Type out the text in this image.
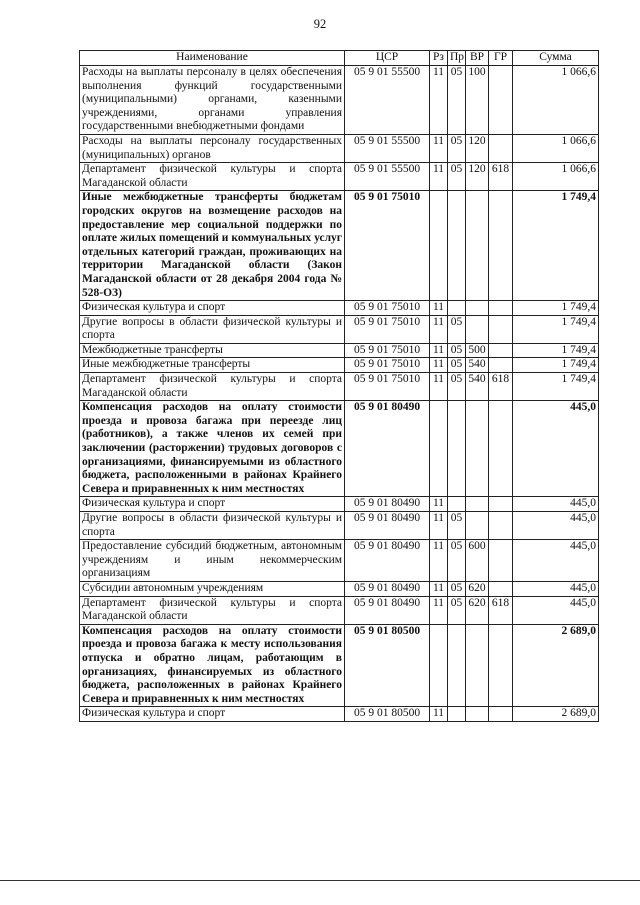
92
Наименование	ЦСР	Рз	Пр	ВР	ГР	Сумма
Расходы на выплаты персоналу в целях обеспечения выполнения функций государственными (муниципальными) органами, казенными учреждениями, органами управления государственными внебюджетными фондами	05 9 01 55500	11	05	100		1 066,6
Расходы на выплаты персоналу государственных (муниципальных) органов	05 9 01 55500	11	05	120		1 066,6
Департамент физической культуры и спорта Магаданской области	05 9 01 55500	11	05	120	618	1 066,6
Иные межбюджетные трансферты бюджетам городских округов на возмещение расходов на предоставление мер социальной поддержки по оплате жилых помещений и коммунальных услуг отдельных категорий граждан, проживающих на территории Магаданской области (Закон Магаданской области от 28 декабря 2004 года № 528-ОЗ)	05 9 01 75010					1 749,4
Физическая культура и спорт	05 9 01 75010	11				1 749,4
Другие вопросы в области физической культуры и спорта	05 9 01 75010	11	05			1 749,4
Межбюджетные трансферты	05 9 01 75010	11	05	500		1 749,4
Иные межбюджетные трансферты	05 9 01 75010	11	05	540		1 749,4
Департамент физической культуры и спорта Магаданской области	05 9 01 75010	11	05	540	618	1 749,4
Компенсация расходов на оплату стоимости проезда и провоза багажа при переезде лиц (работников), а также членов их семей при заключении (расторжении) трудовых договоров с организациями, финансируемыми из областного бюджета, расположенными в районах Крайнего Севера и приравненных к ним местностях	05 9 01 80490					445,0
Физическая культура и спорт	05 9 01 80490	11				445,0
Другие вопросы в области физической культуры и спорта	05 9 01 80490	11	05			445,0
Предоставление субсидий бюджетным, автономным учреждениям и иным некоммерческим организациям	05 9 01 80490	11	05	600		445,0
Субсидии автономным учреждениям	05 9 01 80490	11	05	620		445,0
Департамент физической культуры и спорта Магаданской области	05 9 01 80490	11	05	620	618	445,0
Компенсация расходов на оплату стоимости проезда и провоза багажа к месту использования отпуска и обратно лицам, работающим в организациях, финансируемых из областного бюджета, расположенных в районах Крайнего Севера и приравненных к ним местностях	05 9 01 80500					2 689,0
Физическая культура и спорт	05 9 01 80500	11				2 689,0
